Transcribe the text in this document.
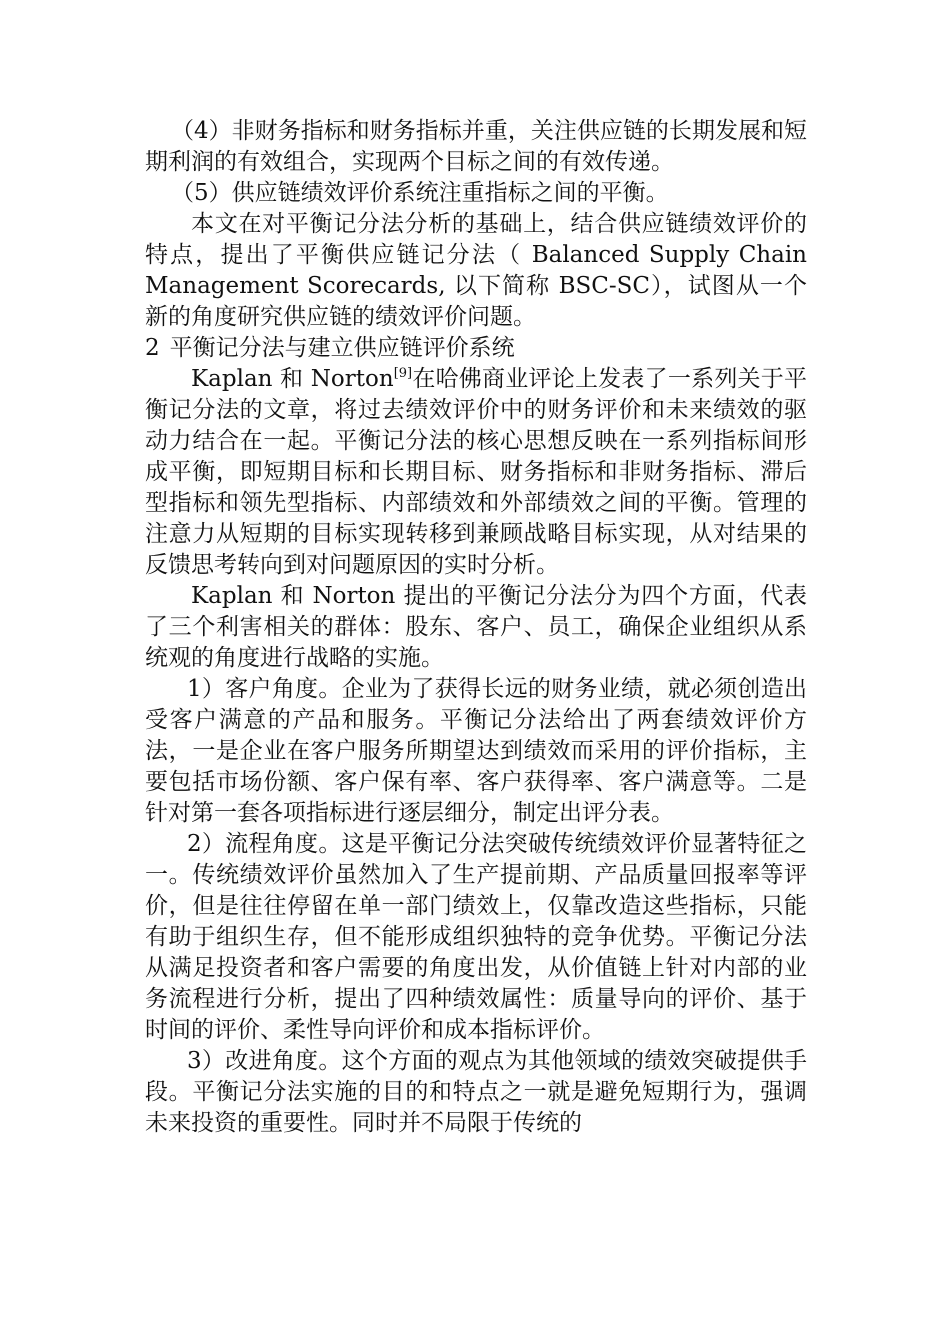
（4）非财务指标和财务指标并重，关注供应链的长期发展和短期利润的有效组合，实现两个目标之间的有效传递。

（5）供应链绩效评价系统注重指标之间的平衡。

本文在对平衡记分法分析的基础上，结合供应链绩效评价的特点，提出了平衡供应链记分法（ Balanced Supply Chain Management Scorecards, 以下简称 BSC-SC），试图从一个新的角度研究供应链的绩效评价问题。

2 平衡记分法与建立供应链评价系统

Kaplan 和 Norton[9]在哈佛商业评论上发表了一系列关于平衡记分法的文章，将过去绩效评价中的财务评价和未来绩效的驱动力结合在一起。平衡记分法的核心思想反映在一系列指标间形成平衡，即短期目标和长期目标、财务指标和非财务指标、滞后型指标和领先型指标、内部绩效和外部绩效之间的平衡。管理的注意力从短期的目标实现转移到兼顾战略目标实现，从对结果的反馈思考转向到对问题原因的实时分析。

Kaplan 和 Norton 提出的平衡记分法分为四个方面，代表了三个利害相关的群体：股东、客户、员工，确保企业组织从系统观的角度进行战略的实施。

1）客户角度。企业为了获得长远的财务业绩，就必须创造出受客户满意的产品和服务。平衡记分法给出了两套绩效评价方法，一是企业在客户服务所期望达到绩效而采用的评价指标，主要包括市场份额、客户保有率、客户获得率、客户满意等。二是针对第一套各项指标进行逐层细分，制定出评分表。

2）流程角度。这是平衡记分法突破传统绩效评价显著特征之一。传统绩效评价虽然加入了生产提前期、产品质量回报率等评价，但是往往停留在单一部门绩效上，仅靠改造这些指标，只能有助于组织生存，但不能形成组织独特的竞争优势。平衡记分法从满足投资者和客户需要的角度出发，从价值链上针对内部的业务流程进行分析，提出了四种绩效属性：质量导向的评价、基于时间的评价、柔性导向评价和成本指标评价。

3）改进角度。这个方面的观点为其他领域的绩效突破提供手段。平衡记分法实施的目的和特点之一就是避免短期行为，强调未来投资的重要性。同时并不局限于传统的
